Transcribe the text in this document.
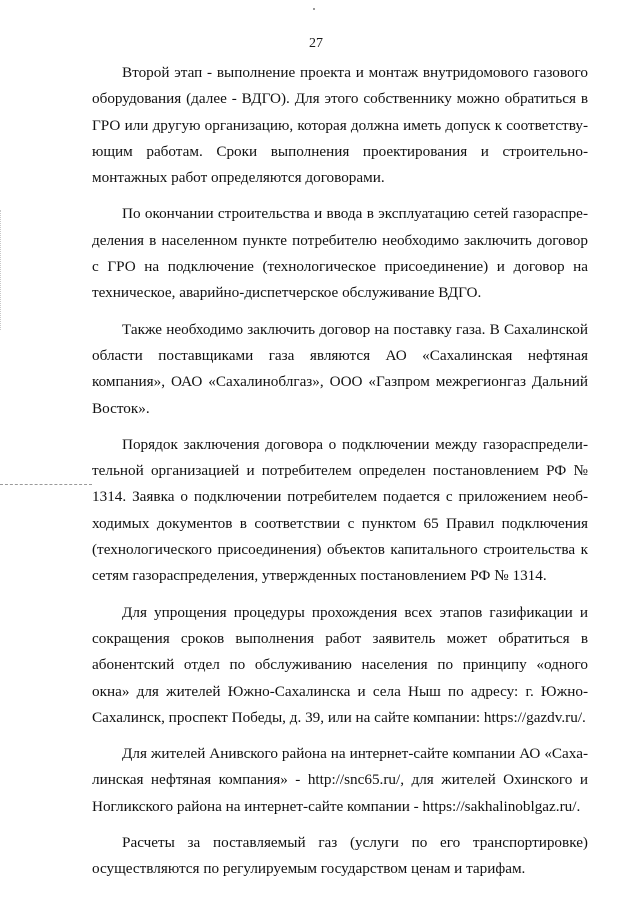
27

Второй этап - выполнение проекта и монтаж внутридомового газового оборудования (далее - ВДГО). Для этого собственнику можно обратиться в ГРО или другую организацию, которая должна иметь допуск к соответствующим работам. Сроки выполнения проектирования и строительно-монтажных работ определяются договорами.

По окончании строительства и ввода в эксплуатацию сетей газораспределения в населенном пункте потребителю необходимо заключить договор с ГРО на подключение (технологическое присоединение) и договор на техническое, аварийно-диспетчерское обслуживание ВДГО.

Также необходимо заключить договор на поставку газа. В Сахалинской области поставщиками газа являются АО «Сахалинская нефтяная компания», ОАО «Сахалиноблгаз», ООО «Газпром межрегионгаз Дальний Восток».

Порядок заключения договора о подключении между газораспределительной организацией и потребителем определен постановлением РФ № 1314. Заявка о подключении потребителем подается с приложением необходимых документов в соответствии с пунктом 65 Правил подключения (технологического присоединения) объектов капитального строительства к сетям газораспределения, утвержденных постановлением РФ № 1314.

Для упрощения процедуры прохождения всех этапов газификации и сокращения сроков выполнения работ заявитель может обратиться в абонентский отдел по обслуживанию населения по принципу «одного окна» для жителей Южно-Сахалинска и села Ныш по адресу: г. Южно-Сахалинск, проспект Победы, д. 39, или на сайте компании: https://gazdv.ru/.

Для жителей Анивского района на интернет-сайте компании АО «Сахалинская нефтяная компания» - http://snc65.ru/, для жителей Охинского и Ногликского района на интернет-сайте компании - https://sakhalinoblgaz.ru/.

Расчеты за поставляемый газ (услуги по его транспортировке) осуществляются по регулируемым государством ценам и тарифам.
